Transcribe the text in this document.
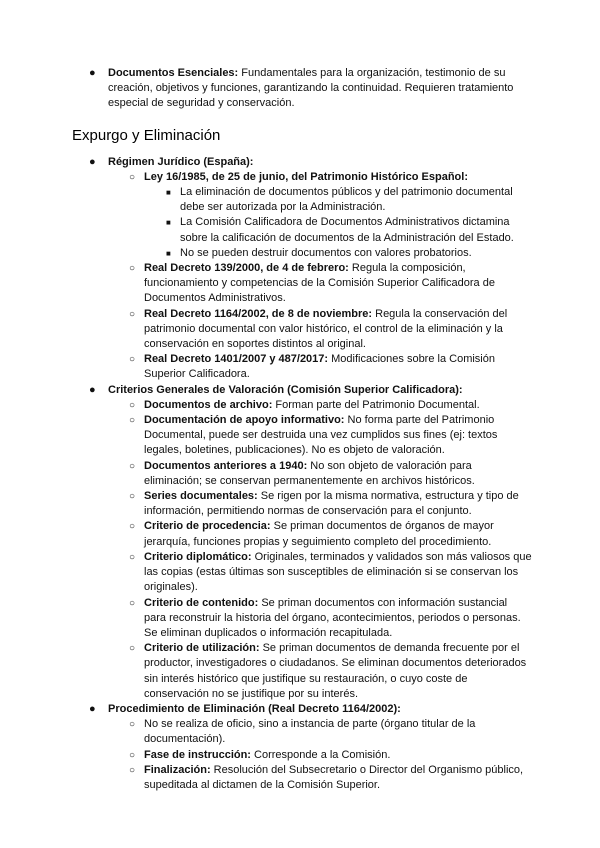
● Documentos Esenciales: Fundamentales para la organización, testimonio de su creación, objetivos y funciones, garantizando la continuidad. Requieren tratamiento especial de seguridad y conservación.
Expurgo y Eliminación
● Régimen Jurídico (España):
○ Ley 16/1985, de 25 de junio, del Patrimonio Histórico Español:
■ La eliminación de documentos públicos y del patrimonio documental debe ser autorizada por la Administración.
■ La Comisión Calificadora de Documentos Administrativos dictamina sobre la calificación de documentos de la Administración del Estado.
■ No se pueden destruir documentos con valores probatorios.
○ Real Decreto 139/2000, de 4 de febrero: Regula la composición, funcionamiento y competencias de la Comisión Superior Calificadora de Documentos Administrativos.
○ Real Decreto 1164/2002, de 8 de noviembre: Regula la conservación del patrimonio documental con valor histórico, el control de la eliminación y la conservación en soportes distintos al original.
○ Real Decreto 1401/2007 y 487/2017: Modificaciones sobre la Comisión Superior Calificadora.
● Criterios Generales de Valoración (Comisión Superior Calificadora):
○ Documentos de archivo: Forman parte del Patrimonio Documental.
○ Documentación de apoyo informativo: No forma parte del Patrimonio Documental, puede ser destruida una vez cumplidos sus fines (ej: textos legales, boletines, publicaciones). No es objeto de valoración.
○ Documentos anteriores a 1940: No son objeto de valoración para eliminación; se conservan permanentemente en archivos históricos.
○ Series documentales: Se rigen por la misma normativa, estructura y tipo de información, permitiendo normas de conservación para el conjunto.
○ Criterio de procedencia: Se priman documentos de órganos de mayor jerarquía, funciones propias y seguimiento completo del procedimiento.
○ Criterio diplomático: Originales, terminados y validados son más valiosos que las copias (estas últimas son susceptibles de eliminación si se conservan los originales).
○ Criterio de contenido: Se priman documentos con información sustancial para reconstruir la historia del órgano, acontecimientos, periodos o personas. Se eliminan duplicados o información recapitulada.
○ Criterio de utilización: Se priman documentos de demanda frecuente por el productor, investigadores o ciudadanos. Se eliminan documentos deteriorados sin interés histórico que justifique su restauración, o cuyo coste de conservación no se justifique por su interés.
● Procedimiento de Eliminación (Real Decreto 1164/2002):
○ No se realiza de oficio, sino a instancia de parte (órgano titular de la documentación).
○ Fase de instrucción: Corresponde a la Comisión.
○ Finalización: Resolución del Subsecretario o Director del Organismo público, supeditada al dictamen de la Comisión Superior.
